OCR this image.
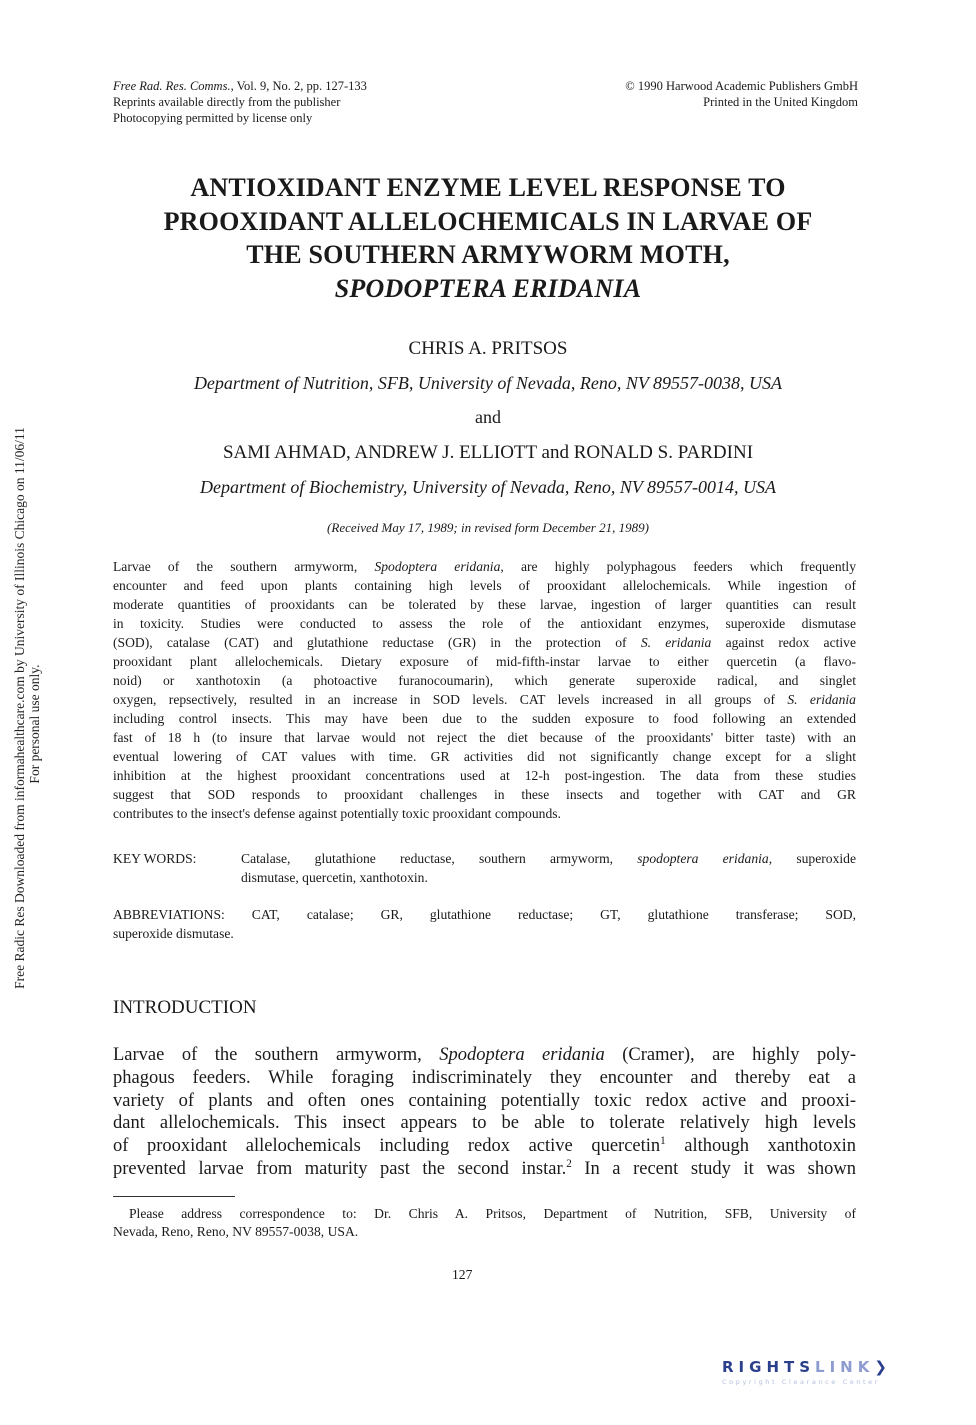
Free Rad. Res. Comms., Vol. 9, No. 2, pp. 127-133
Reprints available directly from the publisher
Photocopying permitted by license only
© 1990 Harwood Academic Publishers GmbH
Printed in the United Kingdom
ANTIOXIDANT ENZYME LEVEL RESPONSE TO
PROOXIDANT ALLELOCHEMICALS IN LARVAE OF
THE SOUTHERN ARMYWORM MOTH,
SPODOPTERA ERIDANIA
CHRIS A. PRITSOS
Department of Nutrition, SFB, University of Nevada, Reno, NV 89557-0038, USA
and
SAMI AHMAD, ANDREW J. ELLIOTT and RONALD S. PARDINI
Department of Biochemistry, University of Nevada, Reno, NV 89557-0014, USA
(Received May 17, 1989; in revised form December 21, 1989)
Larvae of the southern armyworm, Spodoptera eridania, are highly polyphagous feeders which frequently
encounter and feed upon plants containing high levels of prooxidant allelochemicals. While ingestion of
moderate quantities of prooxidants can be tolerated by these larvae, ingestion of larger quantities can result
in toxicity. Studies were conducted to assess the role of the antioxidant enzymes, superoxide dismutase
(SOD), catalase (CAT) and glutathione reductase (GR) in the protection of S. eridania against redox active
prooxidant plant allelochemicals. Dietary exposure of mid-fifth-instar larvae to either quercetin (a flavo-
noid) or xanthotoxin (a photoactive furanocoumarin), which generate superoxide radical, and singlet
oxygen, repsectively, resulted in an increase in SOD levels. CAT levels increased in all groups of S. eridania
including control insects. This may have been due to the sudden exposure to food following an extended
fast of 18 h (to insure that larvae would not reject the diet because of the prooxidants' bitter taste) with an
eventual lowering of CAT values with time. GR activities did not significantly change except for a slight
inhibition at the highest prooxidant concentrations used at 12-h post-ingestion. The data from these studies
suggest that SOD responds to prooxidant challenges in these insects and together with CAT and GR
contributes to the insect's defense against potentially toxic prooxidant compounds.
KEY WORDS:	Catalase, glutathione reductase, southern armyworm, spodoptera eridania, superoxide
dismutase, quercetin, xanthotoxin.
ABBREVIATIONS: CAT, catalase; GR, glutathione reductase; GT, glutathione transferase; SOD,
superoxide dismutase.
INTRODUCTION
Larvae of the southern armyworm, Spodoptera eridania (Cramer), are highly poly-
phagous feeders. While foraging indiscriminately they encounter and thereby eat a
variety of plants and often ones containing potentially toxic redox active and prooxi-
dant allelochemicals. This insect appears to be able to tolerate relatively high levels
of prooxidant allelochemicals including redox active quercetin$^1$ although xanthotoxin
prevented larvae from maturity past the second instar.$^2$ In a recent study it was shown
Please address correspondence to: Dr. Chris A. Pritsos, Department of Nutrition, SFB, University of
Nevada, Reno, Reno, NV 89557-0038, USA.
127
Free Radic Res Downloaded from informahealthcare.com by University of Illinois Chicago on 11/06/11 For personal use only.
RIGHTSLINK❯
Copyright Clearance Center
